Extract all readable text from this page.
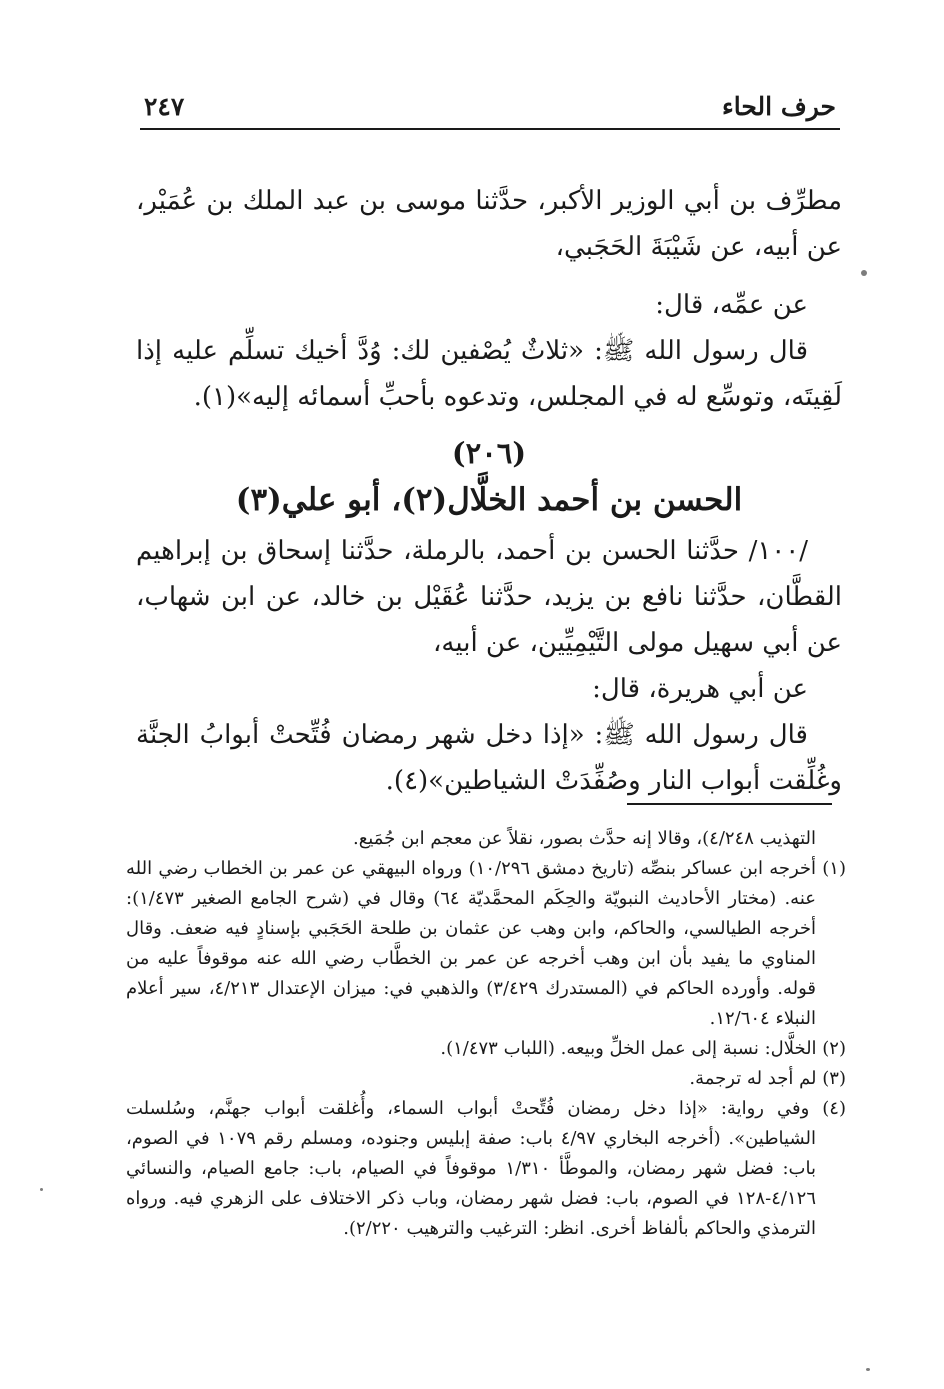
حرف الحاء
٢٤٧

مطرِّف بن أبي الوزير الأكبر، حدَّثنا موسى بن عبد الملك بن عُمَيْر، عن أبيه، عن شَيْبَةَ الحَجَبي،

عن عمِّه، قال:

قال رسول الله ﷺ: «ثلاثٌ يُصْفين لك: وُدَّ أخيك تسلِّم عليه إذا لَقِيتَه، وتوسِّع له في المجلس، وتدعوه بأحبِّ أسمائه إليه»(١).

(٢٠٦)
الحسن بن أحمد الخلَّال(٢)، أبو علي(٣)

/١٠٠/ حدَّثنا الحسن بن أحمد، بالرملة، حدَّثنا إسحاق بن إبراهيم القطَّان، حدَّثنا نافع بن يزيد، حدَّثنا عُقَيْل بن خالد، عن ابن شهاب، عن أبي سهيل مولى التَّيْمِيِّين، عن أبيه،

عن أبي هريرة، قال:

قال رسول الله ﷺ: «إذا دخل شهر رمضان فُتِّحتْ أبوابُ الجنَّة وغُلِّقت أبواب النار وصُفِّدَتْ الشياطين»(٤).

التهذيب ٤/٢٤٨)، وقالا إنه حدَّث بصور، نقلاً عن معجم ابن جُمَيع.

(١) أخرجه ابن عساكر بنصِّه (تاريخ دمشق ١٠/٢٩٦) ورواه البيهقي عن عمر بن الخطاب رضي الله عنه. (مختار الأحاديث النبويّة والحِكَم المحمَّديّة ٦٤) وقال في (شرح الجامع الصغير ١/٤٧٣): أخرجه الطيالسي، والحاكم، وابن وهب عن عثمان بن طلحة الحَجَبي بإسنادٍ فيه ضعف. وقال المناوي ما يفيد بأن ابن وهب أخرجه عن عمر بن الخطَّاب رضي الله عنه موقوفاً عليه من قوله. وأورده الحاكم في (المستدرك ٣/٤٢٩) والذهبي في: ميزان الإعتدال ٤/٢١٣، سير أعلام النبلاء ١٢/٦٠٤.

(٢) الخلَّال: نسبة إلى عمل الخلِّ وبيعه. (اللباب ١/٤٧٣).

(٣) لم أجد له ترجمة.

(٤) وفي رواية: «إذا دخل رمضان فُتِّحتْ أبواب السماء، وأُغلقت أبواب جهنَّم، وسُلسلت الشياطين». (أخرجه البخاري ٤/٩٧ باب: صفة إبليس وجنوده، ومسلم رقم ١٠٧٩ في الصوم، باب: فضل شهر رمضان، والموطَّأ ١/٣١٠ موقوفاً في الصيام، باب: جامع الصيام، والنسائي ٤/١٢٦-١٢٨ في الصوم، باب: فضل شهر رمضان، وباب ذكر الاختلاف على الزهري فيه. ورواه الترمذي والحاكم بألفاظ أخرى. انظر: الترغيب والترهيب ٢/٢٢٠).
